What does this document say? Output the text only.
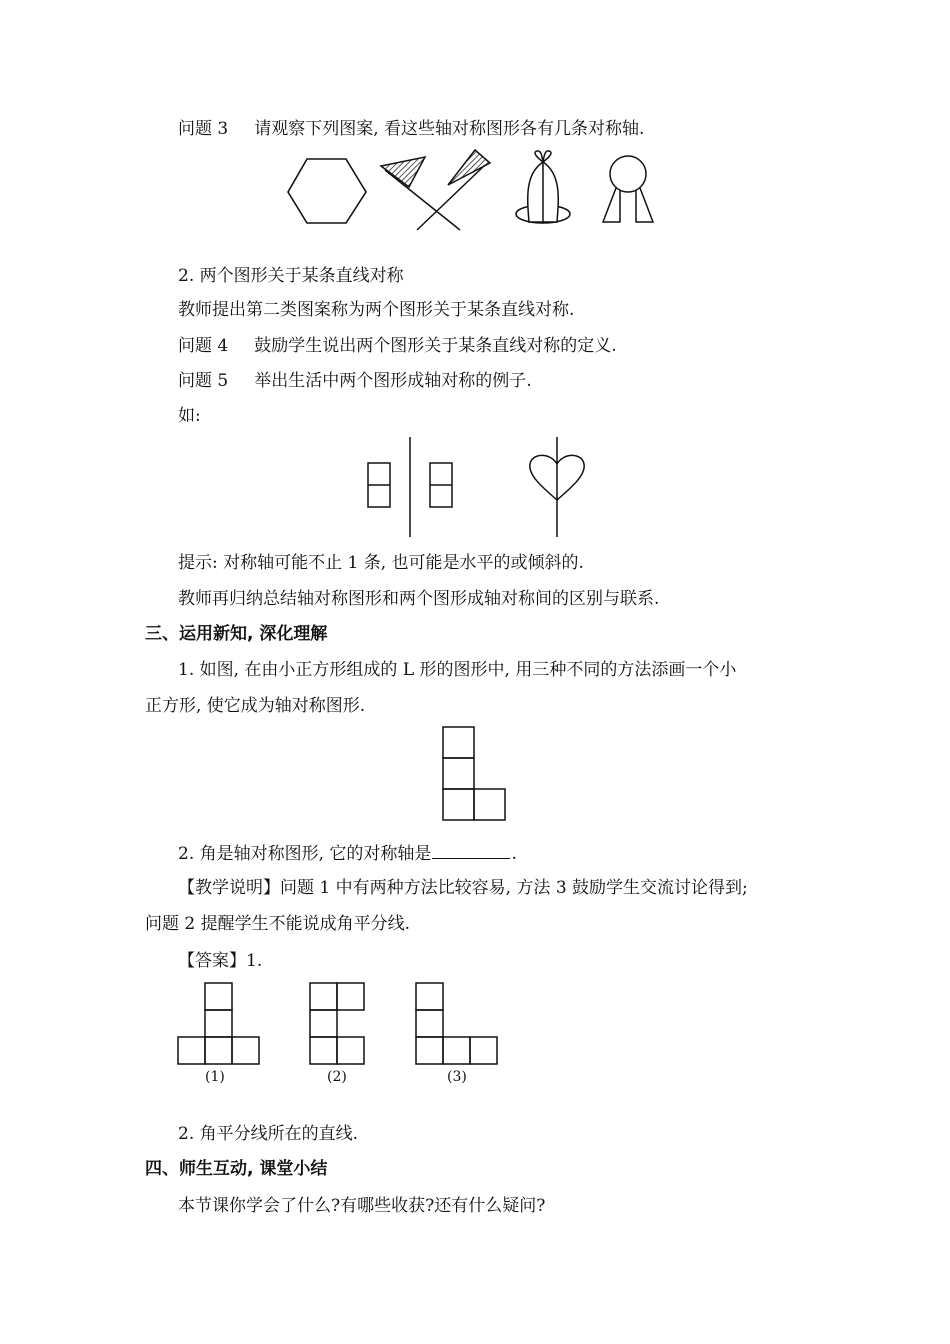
问题 3 请观察下列图案, 看这些轴对称图形各有几条对称轴.
2. 两个图形关于某条直线对称
教师提出第二类图案称为两个图形关于某条直线对称.
问题 4 鼓励学生说出两个图形关于某条直线对称的定义.
问题 5 举出生活中两个图形成轴对称的例子.
如:
提示: 对称轴可能不止 1 条, 也可能是水平的或倾斜的.
教师再归纳总结轴对称图形和两个图形成轴对称间的区别与联系.
三、运用新知, 深化理解
1. 如图, 在由小正方形组成的 L 形的图形中, 用三种不同的方法添画一个小
正方形, 使它成为轴对称图形.
2. 角是轴对称图形, 它的对称轴是	.
【教学说明】问题 1 中有两种方法比较容易, 方法 3 鼓励学生交流讨论得到;
问题 2 提醒学生不能说成角平分线.
【答案】1.
(1)	(2)	(3)
2. 角平分线所在的直线.
四、师生互动, 课堂小结
本节课你学会了什么?有哪些收获?还有什么疑问?
